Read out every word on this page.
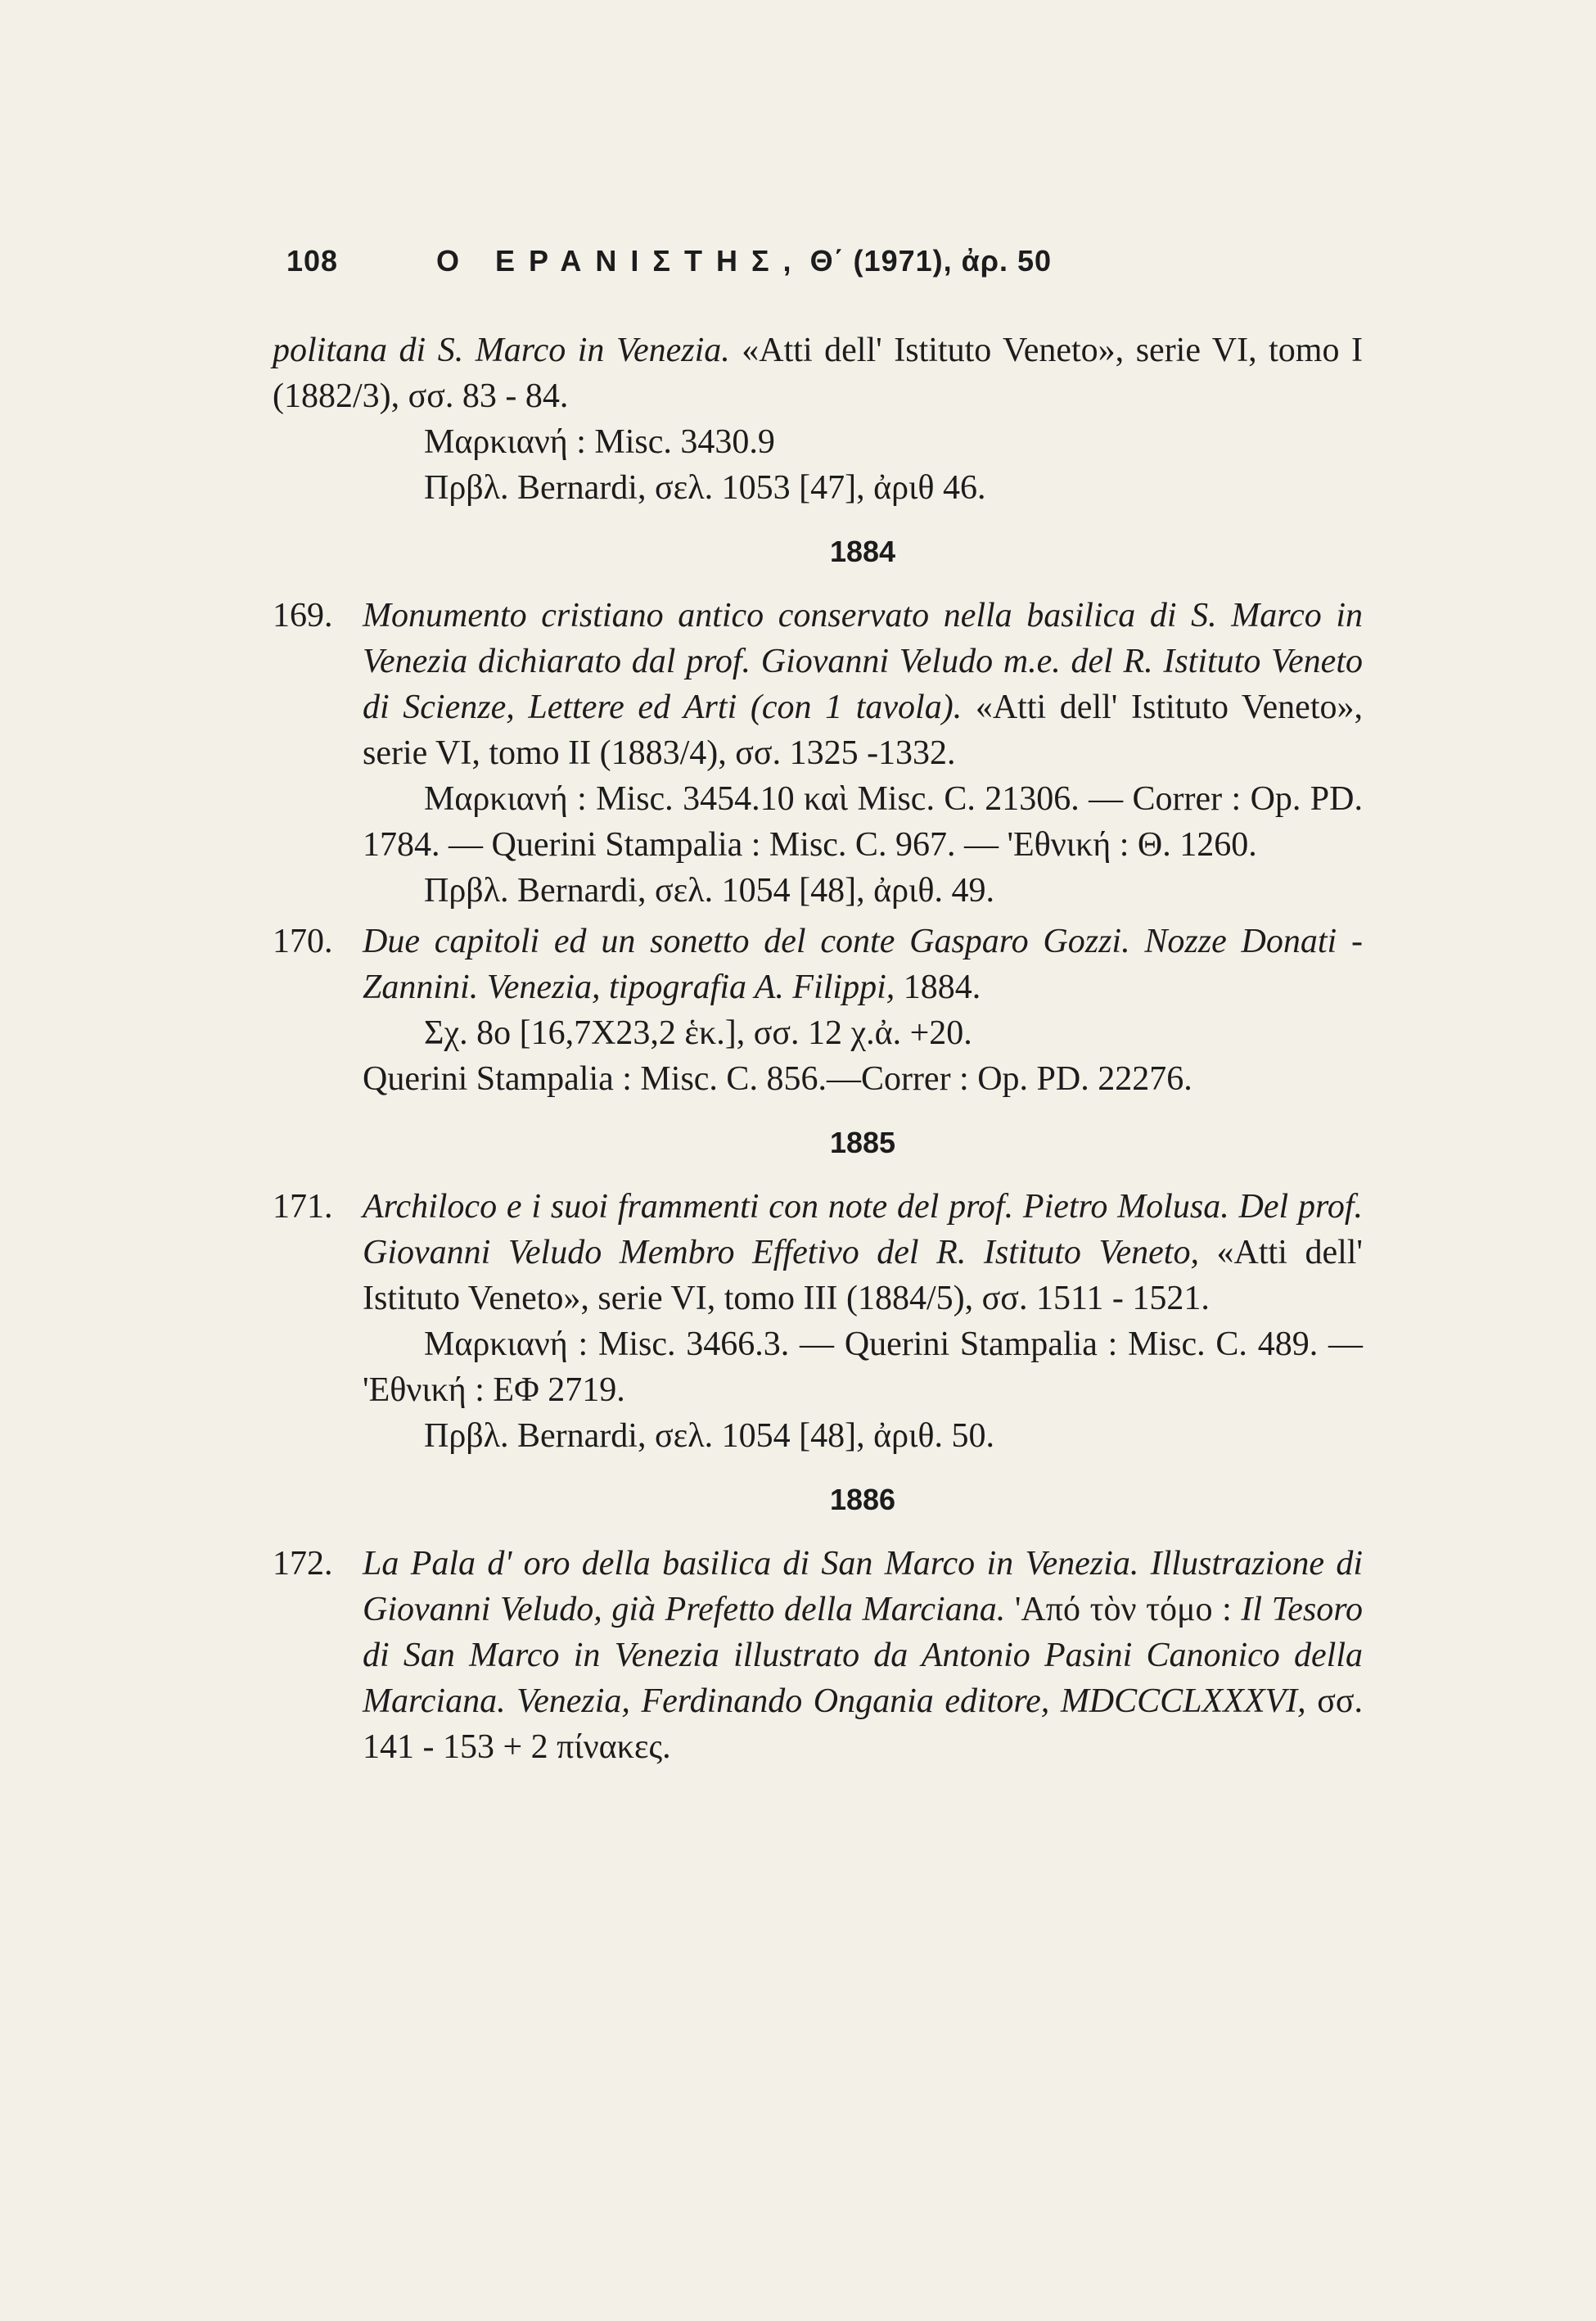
108	Ο ΕΡΑΝΙΣΤΗΣ, Θ΄ (1971), ἀρ. 50

politana di S. Marco in Venezia. «Atti dell' Istituto Veneto», serie VI, tomo I (1882/3), σσ. 83 - 84.

Μαρκιανή : Misc. 3430.9

Πρβλ. Bernardi, σελ. 1053 [47], ἀριθ 46.

1884

169. Monumento cristiano antico conservato nella basilica di S. Marco in Venezia dichiarato dal prof. Giovanni Veludo m.e. del R. Istituto Veneto di Scienze, Lettere ed Arti (con 1 tavola). «Atti dell' Istituto Veneto», serie VI, tomo II (1883/4), σσ. 1325 -1332.

Μαρκιανή : Misc. 3454.10 καὶ Misc. C. 21306. — Correr : Op. PD. 1784. — Querini Stampalia : Misc. C. 967. — 'Εθνική : Θ. 1260.

Πρβλ. Bernardi, σελ. 1054 [48], ἀριθ. 49.

170. Due capitoli ed un sonetto del conte Gasparo Gozzi. Nozze Donati - Zannini. Venezia, tipografia A. Filippi, 1884.

Σχ. 8ο [16,7X23,2 ἑκ.], σσ. 12 χ.ἀ. +20.

Querini Stampalia : Misc. C. 856.—Correr : Op. PD. 22276.

1885

171. Archiloco e i suoi frammenti con note del prof. Pietro Molusa. Del prof. Giovanni Veludo Membro Effetivo del R. Istituto Veneto, «Atti dell' Istituto Veneto», serie VI, tomo III (1884/5), σσ. 1511 - 1521.

Μαρκιανή : Misc. 3466.3. — Querini Stampalia : Misc. C. 489. — 'Εθνική : ΕΦ 2719.

Πρβλ. Bernardi, σελ. 1054 [48], ἀριθ. 50.

1886

172. La Pala d' oro della basilica di San Marco in Venezia. Illustrazione di Giovanni Veludo, già Prefetto della Marciana. 'Από τὸν τόμο : Il Tesoro di San Marco in Venezia illustrato da Antonio Pasini Canonico della Marciana. Venezia, Ferdinando Ongania editore, MDCCCLXXXVI, σσ. 141 - 153 + 2 πίνακες.
